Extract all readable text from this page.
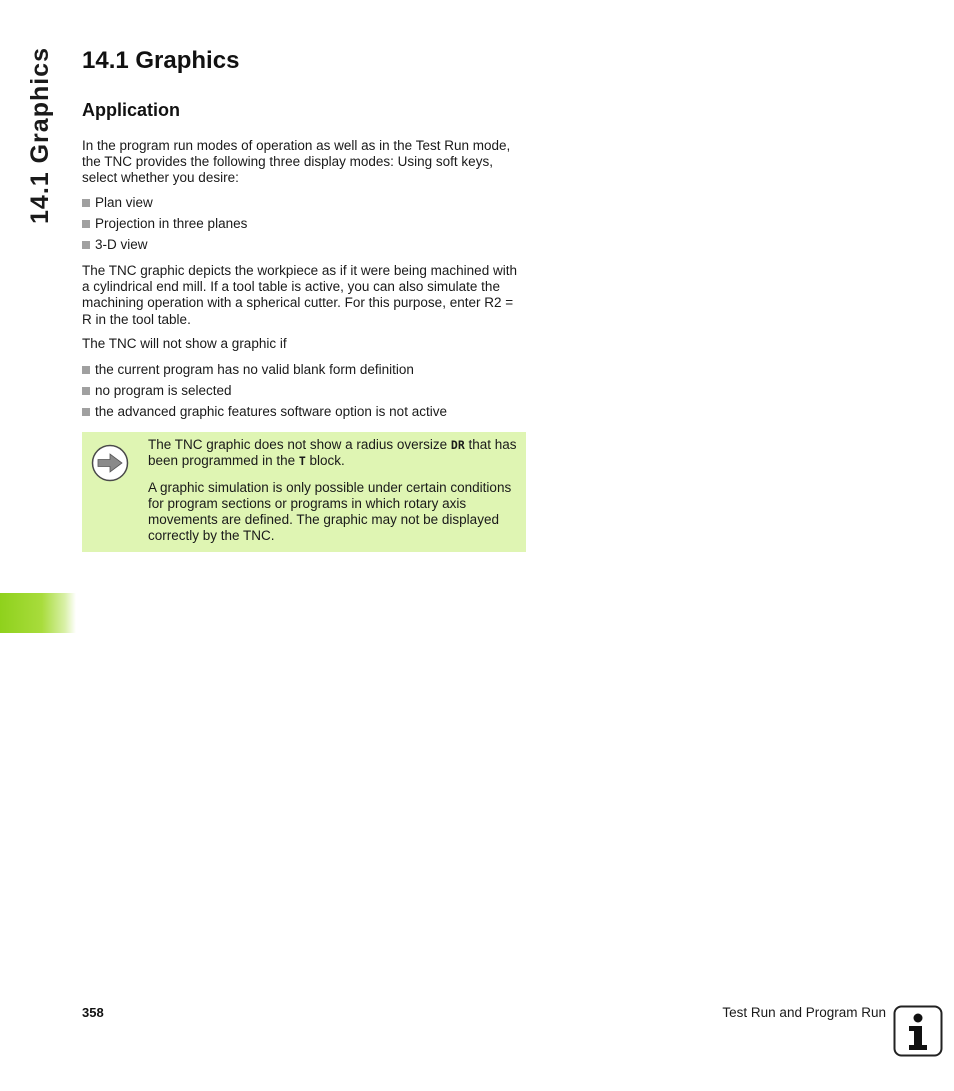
14.1 Graphics 14.1 Graphics
Application

In the program run modes of operation as well as in the Test Run mode, the TNC provides the following three display modes: Using soft keys, select whether you desire:

Plan view
Projection in three planes
3-D view

The TNC graphic depicts the workpiece as if it were being machined with a cylindrical end mill. If a tool table is active, you can also simulate the machining operation with a spherical cutter. For this purpose, enter R2 = R in the tool table.

The TNC will not show a graphic if

the current program has no valid blank form definition
no program is selected
the advanced graphic features software option is not active

The TNC graphic does not show a radius oversize DR that has been programmed in the T block.

A graphic simulation is only possible under certain conditions for program sections or programs in which rotary axis movements are defined. The graphic may not be displayed correctly by the TNC.

358	Test Run and Program Run
